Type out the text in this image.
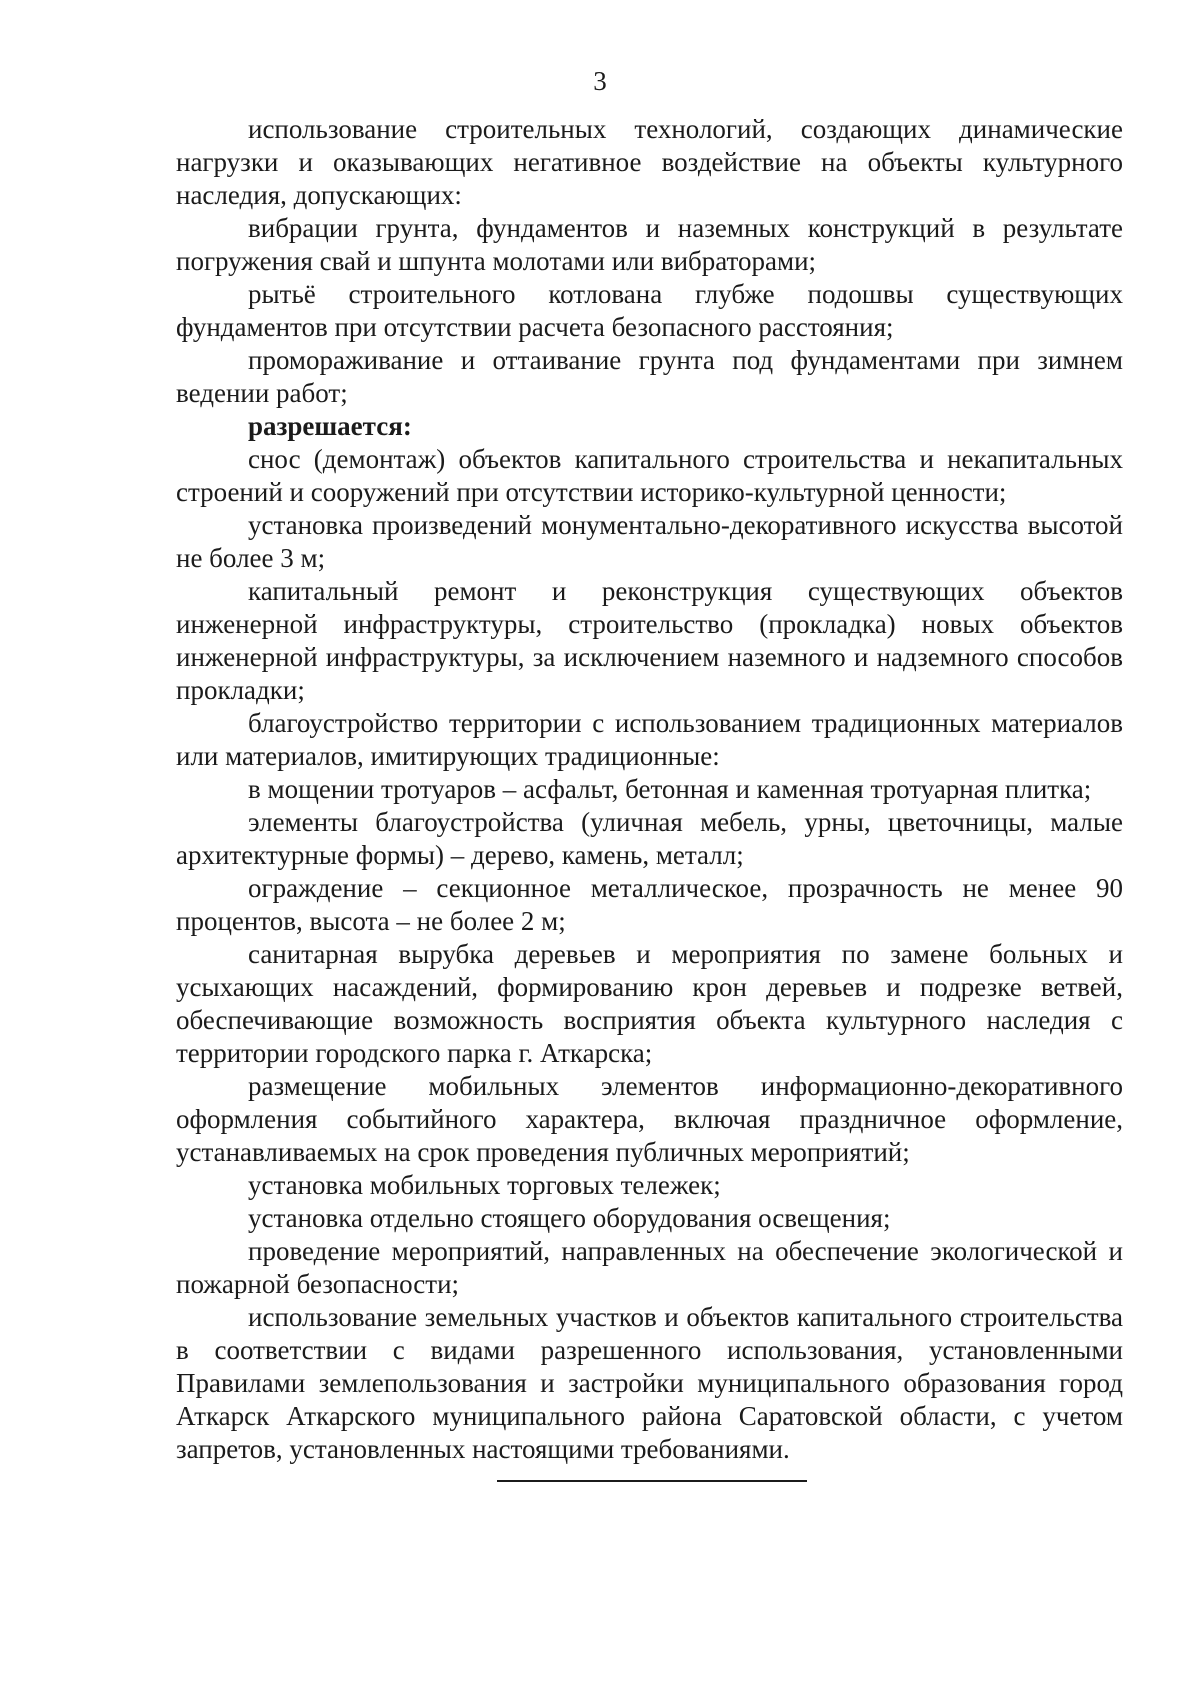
3

использование строительных технологий, создающих динамические нагрузки и оказывающих негативное воздействие на объекты культурного наследия, допускающих:

вибрации грунта, фундаментов и наземных конструкций в результате погружения свай и шпунта молотами или вибраторами;

рытьё строительного котлована глубже подошвы существующих фундаментов при отсутствии расчета безопасного расстояния;

промораживание и оттаивание грунта под фундаментами при зимнем ведении работ;

разрешается:

снос (демонтаж) объектов капитального строительства и некапитальных строений и сооружений при отсутствии историко-культурной ценности;

установка произведений монументально-декоративного искусства высотой не более 3 м;

капитальный ремонт и реконструкция существующих объектов инженерной инфраструктуры, строительство (прокладка) новых объектов инженерной инфраструктуры, за исключением наземного и надземного способов прокладки;

благоустройство территории с использованием традиционных материалов или материалов, имитирующих традиционные:

в мощении тротуаров – асфальт, бетонная и каменная тротуарная плитка;

элементы благоустройства (уличная мебель, урны, цветочницы, малые архитектурные формы) – дерево, камень, металл;

ограждение – секционное металлическое, прозрачность не менее 90 процентов, высота – не более 2 м;

санитарная вырубка деревьев и мероприятия по замене больных и усыхающих насаждений, формированию крон деревьев и подрезке ветвей, обеспечивающие возможность восприятия объекта культурного наследия с территории городского парка г. Аткарска;

размещение мобильных элементов информационно-декоративного оформления событийного характера, включая праздничное оформление, устанавливаемых на срок проведения публичных мероприятий;

установка мобильных торговых тележек;

установка отдельно стоящего оборудования освещения;

проведение мероприятий, направленных на обеспечение экологической и пожарной безопасности;

использование земельных участков и объектов капитального строительства в соответствии с видами разрешенного использования, установленными Правилами землепользования и застройки муниципального образования город Аткарск Аткарского муниципального района Саратовской области, с учетом запретов, установленных настоящими требованиями.
